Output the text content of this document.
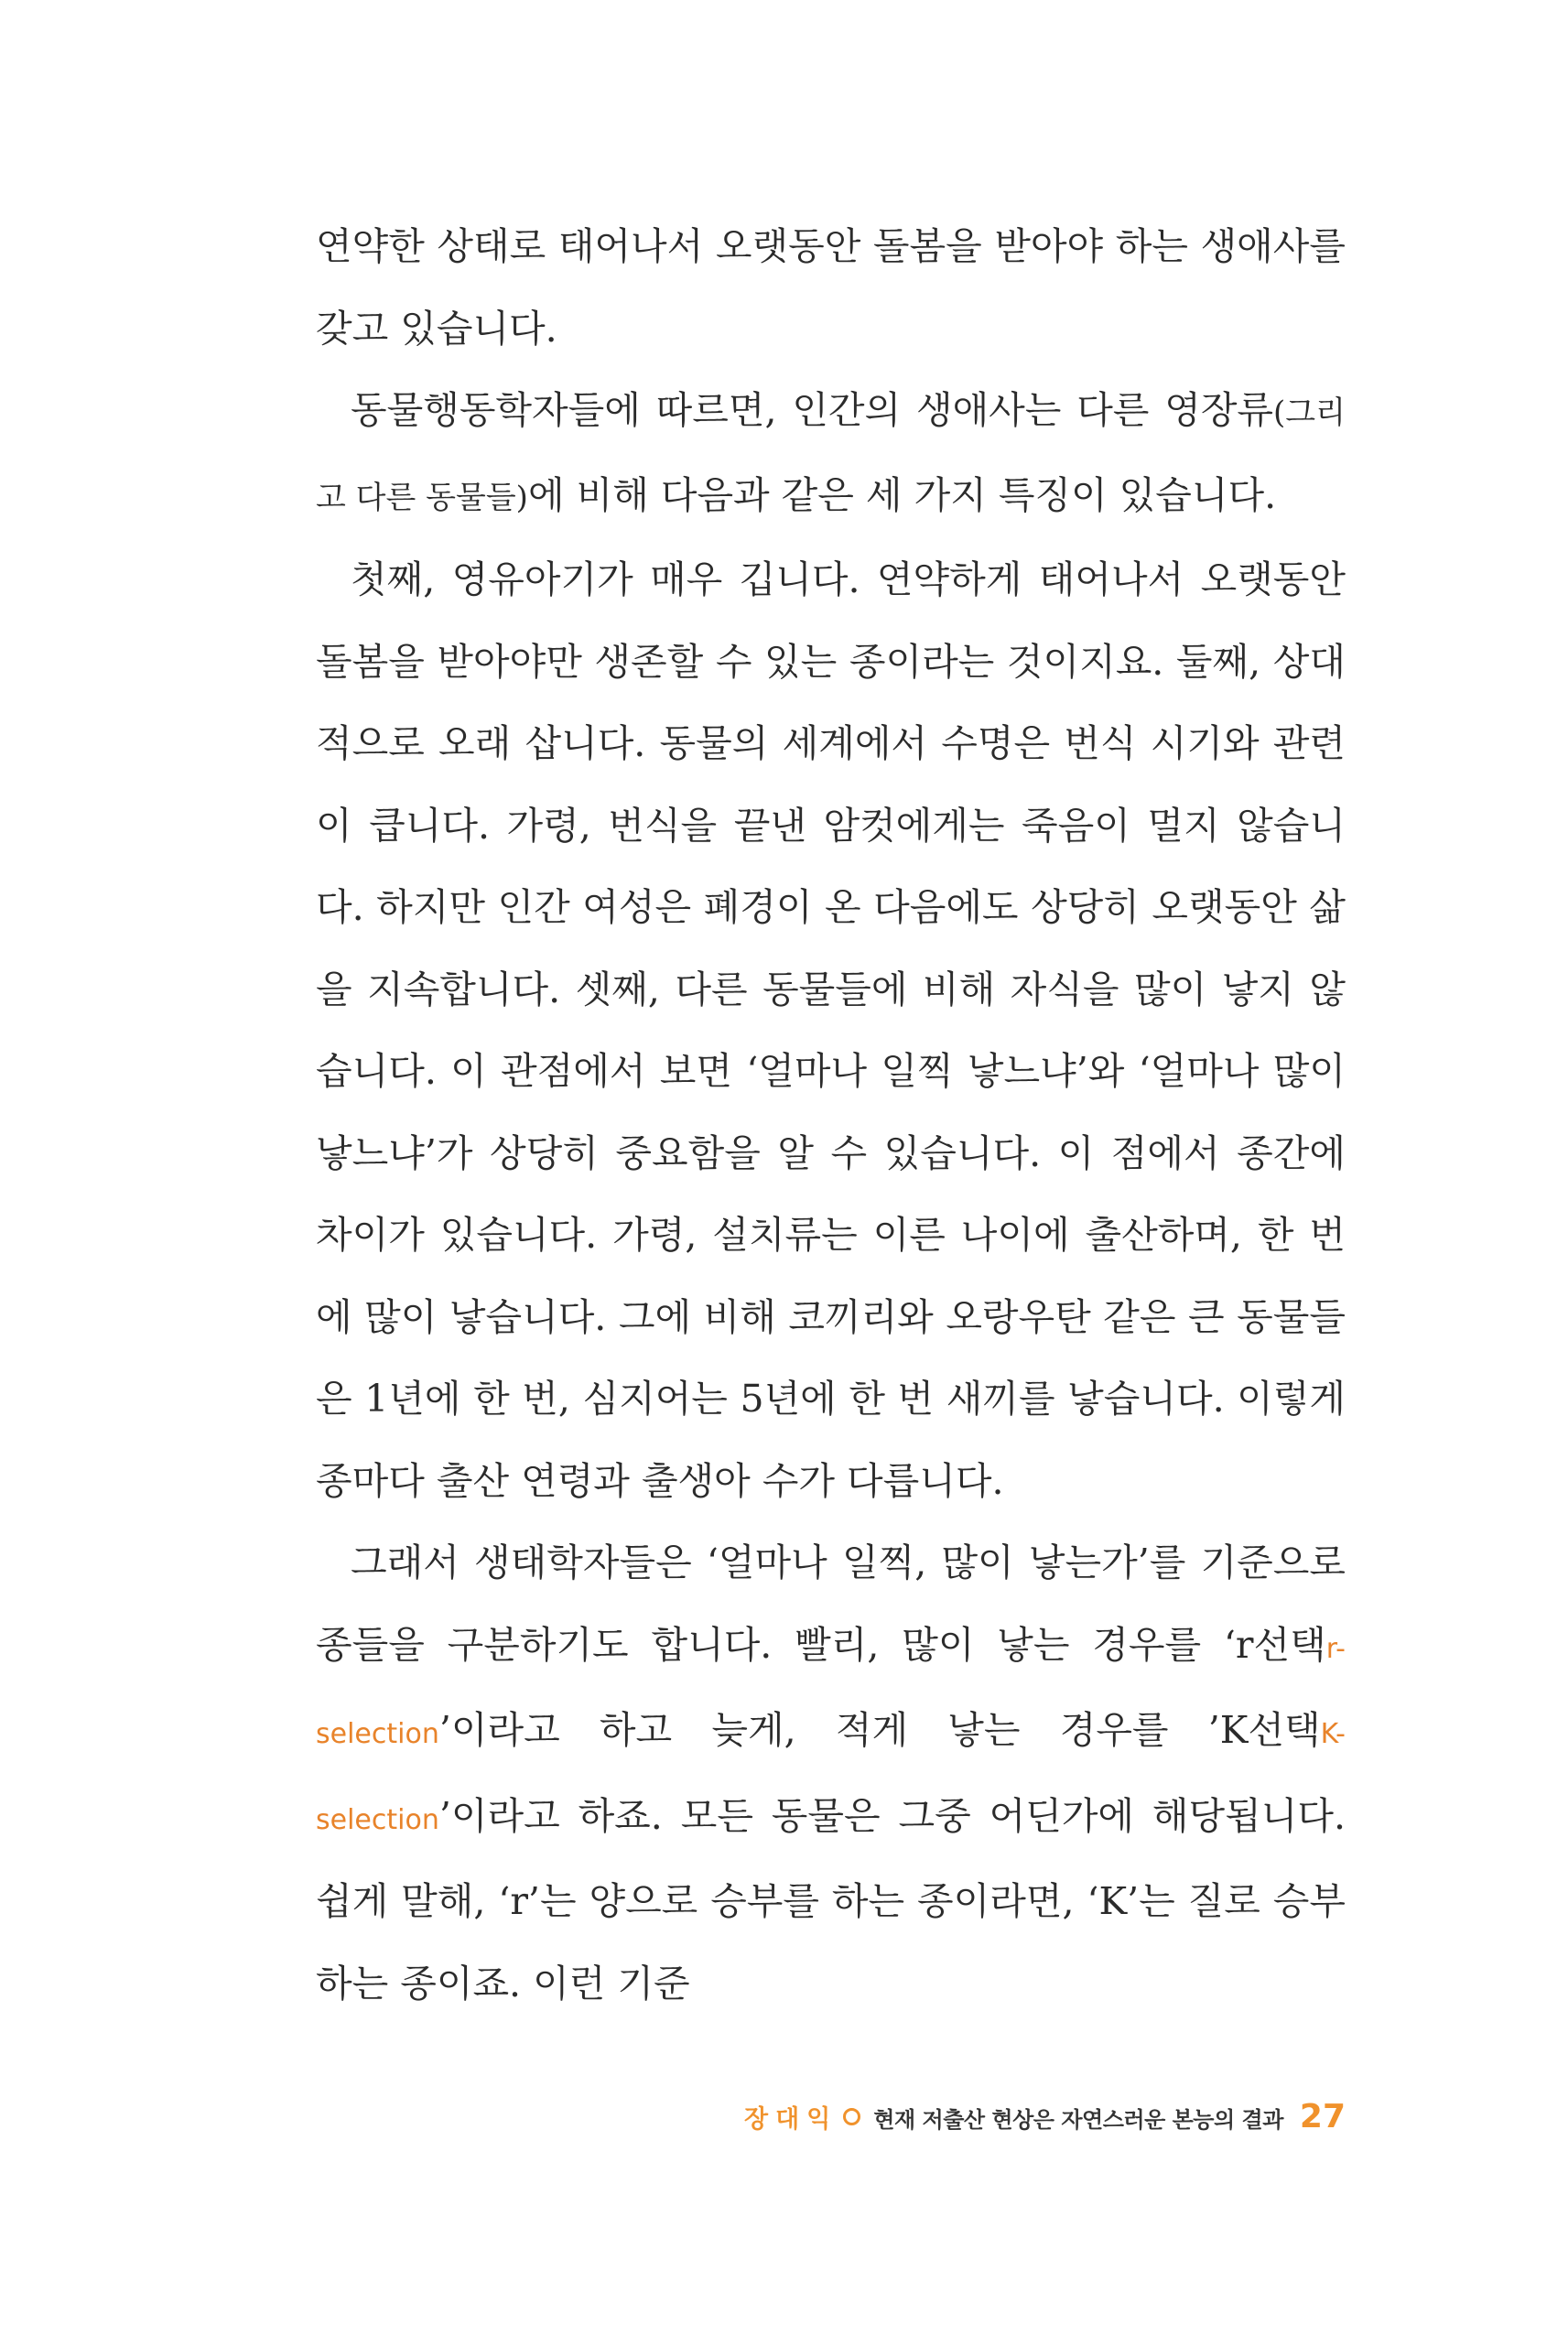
연약한 상태로 태어나서 오랫동안 돌봄을 받아야 하는 생애사를 갖고 있습니다.

동물행동학자들에 따르면, 인간의 생애사는 다른 영장류(그리고 다른 동물들)에 비해 다음과 같은 세 가지 특징이 있습니다.

첫째, 영유아기가 매우 깁니다. 연약하게 태어나서 오랫동안 돌봄을 받아야만 생존할 수 있는 종이라는 것이지요. 둘째, 상대적으로 오래 삽니다. 동물의 세계에서 수명은 번식 시기와 관련이 큽니다. 가령, 번식을 끝낸 암컷에게는 죽음이 멀지 않습니다. 하지만 인간 여성은 폐경이 온 다음에도 상당히 오랫동안 삶을 지속합니다. 셋째, 다른 동물들에 비해 자식을 많이 낳지 않습니다. 이 관점에서 보면 ‘얼마나 일찍 낳느냐’와 ‘얼마나 많이 낳느냐’가 상당히 중요함을 알 수 있습니다. 이 점에서 종간에 차이가 있습니다. 가령, 설치류는 이른 나이에 출산하며, 한 번에 많이 낳습니다. 그에 비해 코끼리와 오랑우탄 같은 큰 동물들은 1년에 한 번, 심지어는 5년에 한 번 새끼를 낳습니다. 이렇게 종마다 출산 연령과 출생아 수가 다릅니다.

그래서 생태학자들은 ‘얼마나 일찍, 많이 낳는가’를 기준으로 종들을 구분하기도 합니다. 빨리, 많이 낳는 경우를 ‘r선택r-selection’이라고 하고 늦게, 적게 낳는 경우를 ’K선택K-selection’이라고 하죠. 모든 동물은 그중 어딘가에 해당됩니다. 쉽게 말해, ‘r’는 양으로 승부를 하는 종이라면, ‘K’는 질로 승부하는 종이죠. 이런 기준

장대익 현재 저출산 현상은 자연스러운 본능의 결과 27
